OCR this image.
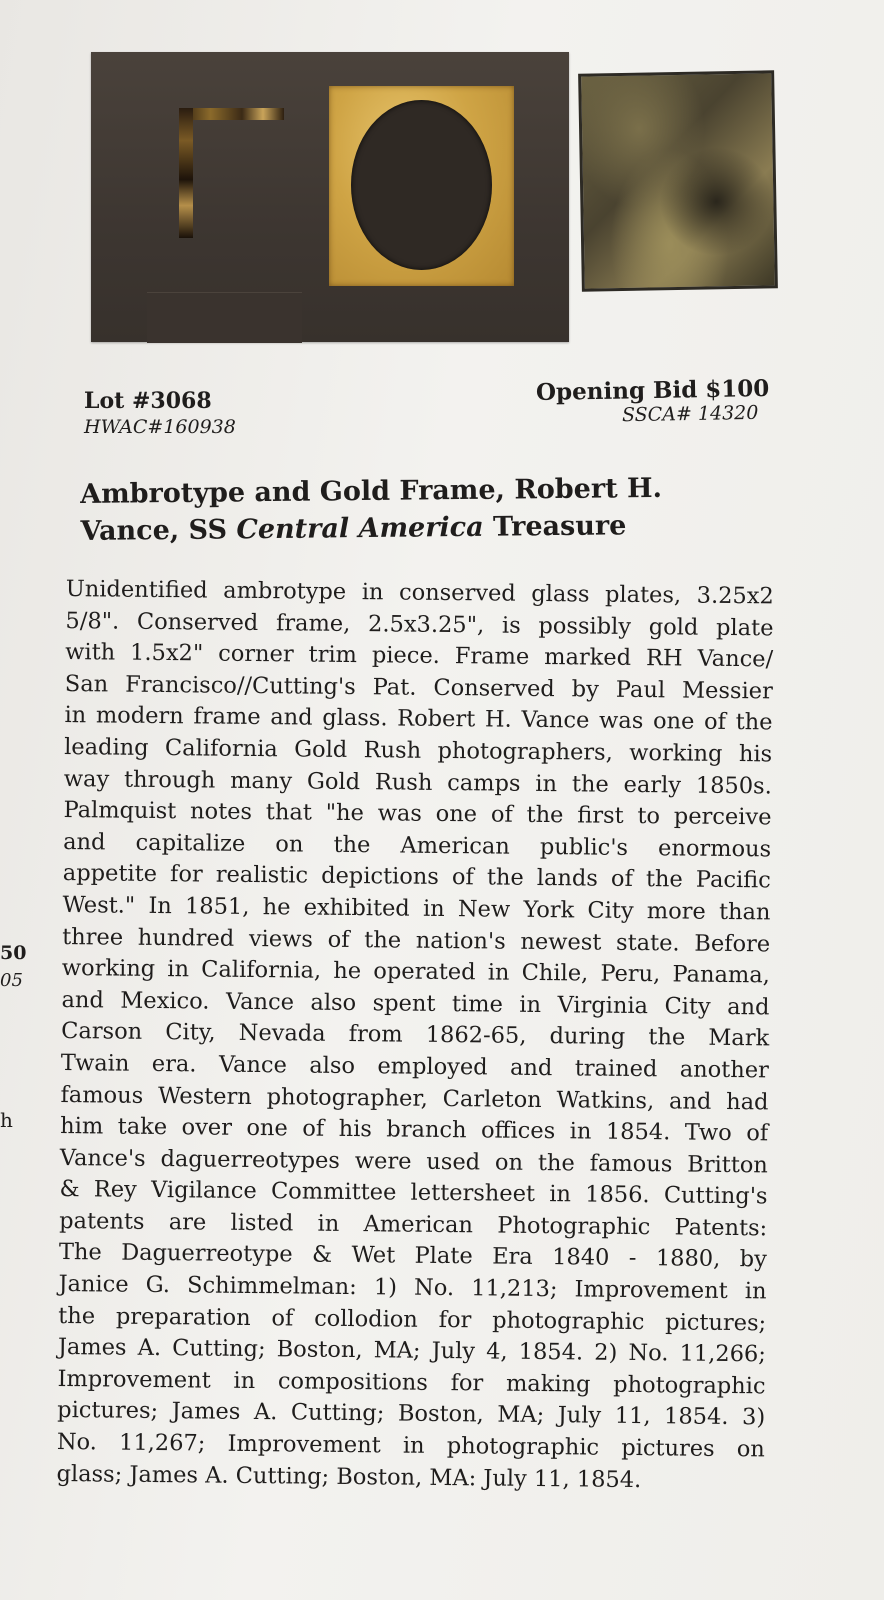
Lot #3068
HWAC#160938
Opening Bid $100
SSCA# 14320
Ambrotype and Gold Frame, Robert H.
Vance, SS Central America Treasure
Unidentified ambrotype in conserved glass plates, 3.25x2
5/8". Conserved frame, 2.5x3.25", is possibly gold plate
with 1.5x2" corner trim piece. Frame marked RH Vance/
San Francisco//Cutting's Pat. Conserved by Paul Messier
in modern frame and glass. Robert H. Vance was one of the
leading California Gold Rush photographers, working his
way through many Gold Rush camps in the early 1850s.
Palmquist notes that "he was one of the first to perceive
and capitalize on the American public's enormous
appetite for realistic depictions of the lands of the Pacific
West." In 1851, he exhibited in New York City more than
three hundred views of the nation's newest state. Before
working in California, he operated in Chile, Peru, Panama,
and Mexico. Vance also spent time in Virginia City and
Carson City, Nevada from 1862-65, during the Mark
Twain era. Vance also employed and trained another
famous Western photographer, Carleton Watkins, and had
him take over one of his branch offices in 1854. Two of
Vance's daguerreotypes were used on the famous Britton
& Rey Vigilance Committee lettersheet in 1856. Cutting's
patents are listed in American Photographic Patents:
The Daguerreotype & Wet Plate Era 1840 - 1880, by
Janice G. Schimmelman: 1) No. 11,213; Improvement in
the preparation of collodion for photographic pictures;
James A. Cutting; Boston, MA; July 4, 1854. 2) No. 11,266;
Improvement in compositions for making photographic
pictures; James A. Cutting; Boston, MA; July 11, 1854. 3)
No. 11,267; Improvement in photographic pictures on
glass; James A. Cutting; Boston, MA: July 11, 1854.
50
05
h
